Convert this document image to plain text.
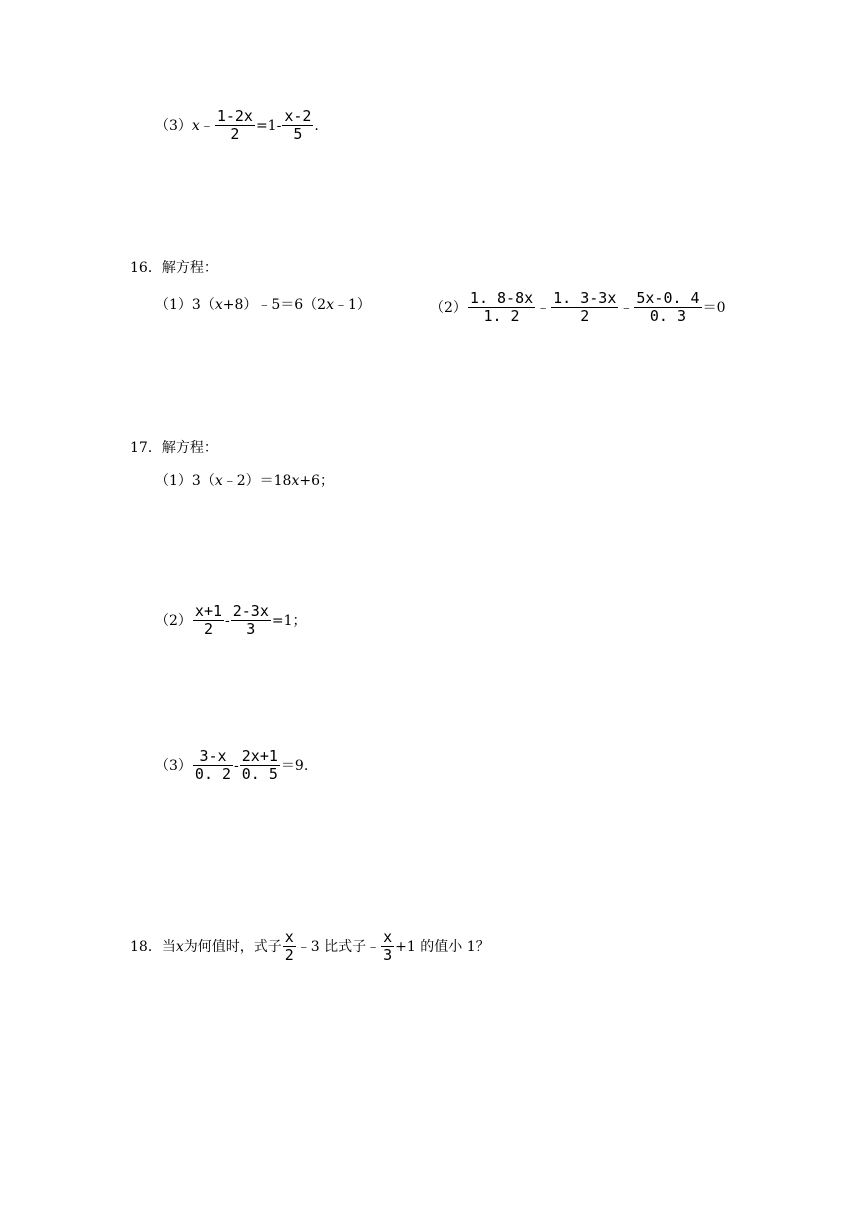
（3） x ﹣ $\frac{1-2x}{2} =1- \frac{x-2}{5}$ .
16．解方程：
（1）3（ x +8）﹣5＝6（2 x ﹣1）	$(2) \frac{1. 8-8x}{1. 2}$ ﹣ $\frac{1. 3-3x}{2}$ ﹣ $\frac{5x-0. 4}{0. 3} =0$
17．解方程：
（1）3（ x ﹣2）＝18 x +6；
$(2) \frac{x+1}{2} - \frac{2-3x}{3} =1$；
$(3) \frac{3-x}{0. 2} - \frac{2x+1}{0. 5} =9$.
18．当 x 为何值时，式子 $\frac{x}{2}$ ﹣3 比式子﹣ $\frac{x}{3} +1$ 的值小 1？
